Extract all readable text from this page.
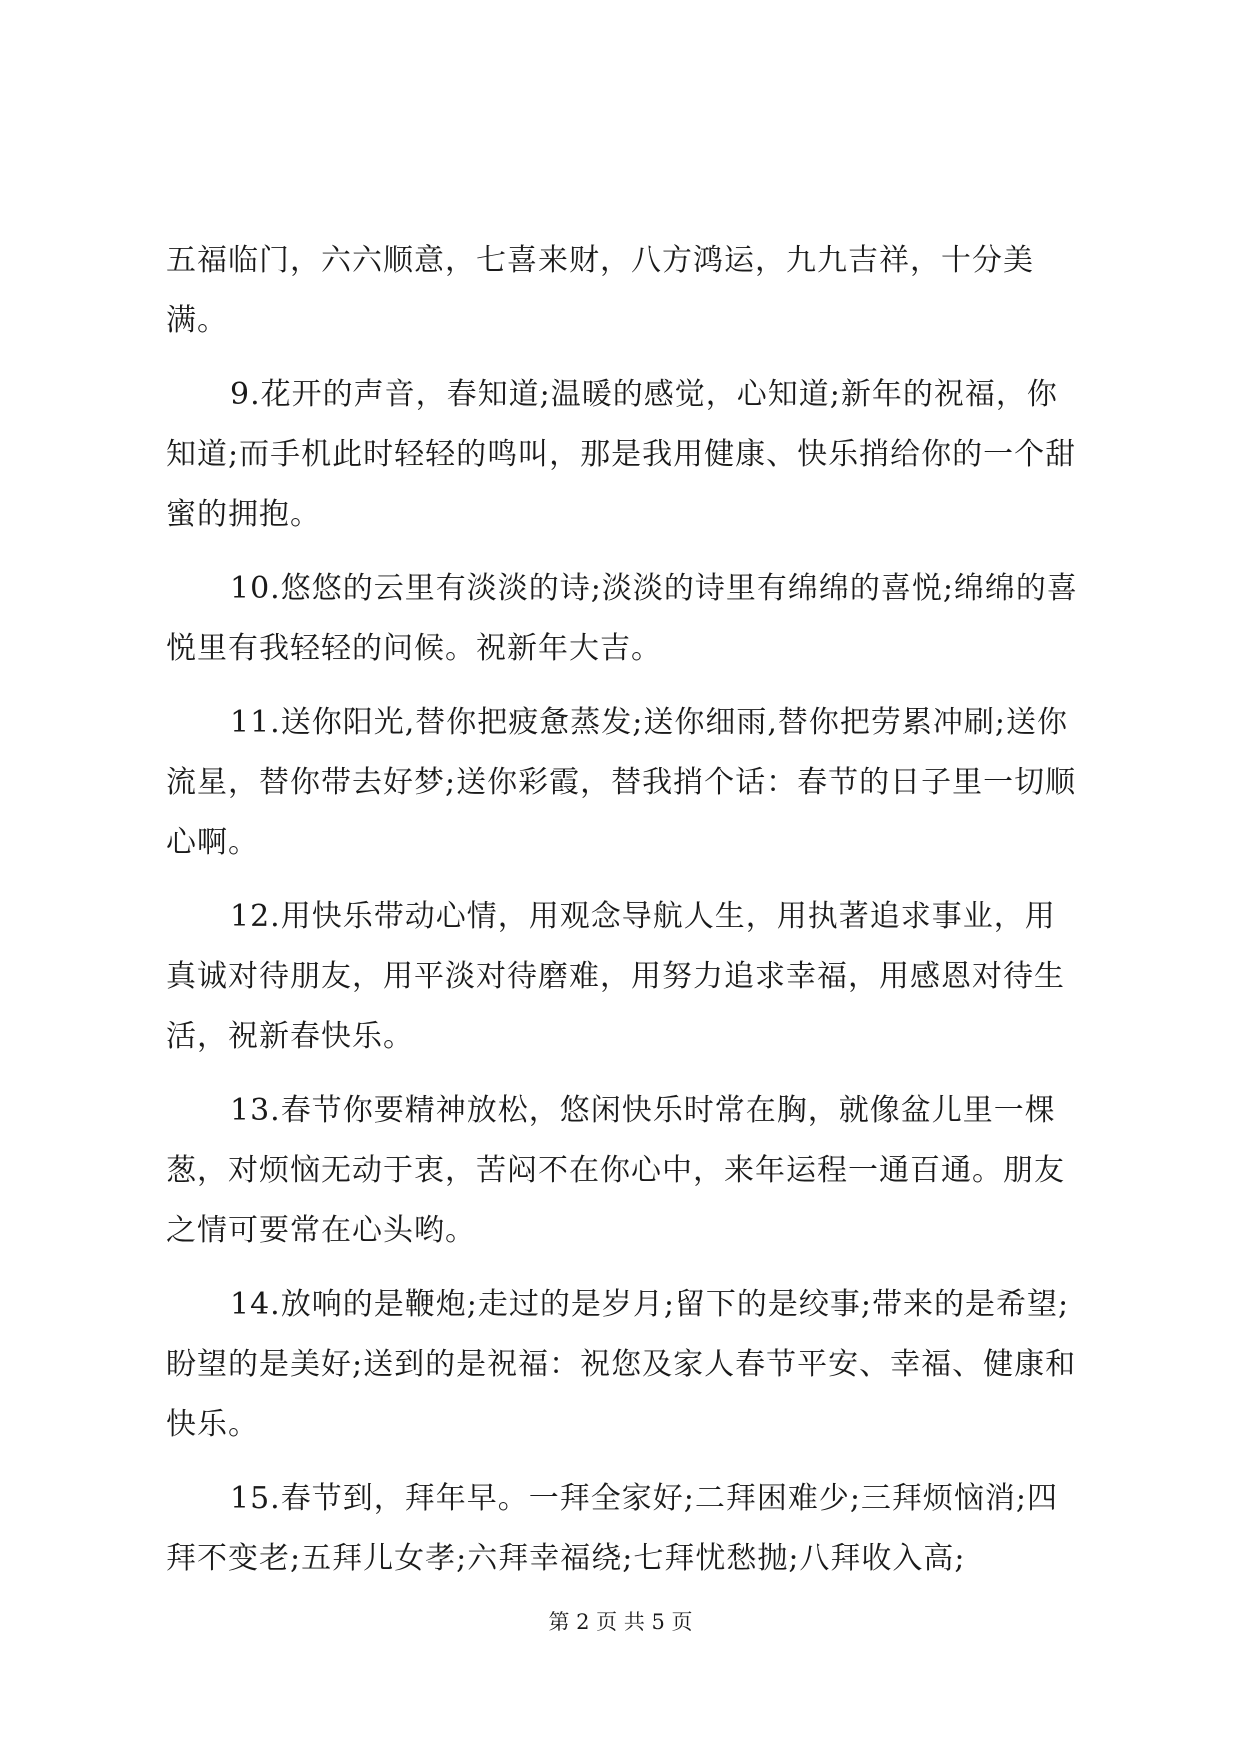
五福临门，六六顺意，七喜来财，八方鸿运，九九吉祥，十分美满。

9.花开的声音，春知道;温暖的感觉，心知道;新年的祝福，你知道;而手机此时轻轻的鸣叫，那是我用健康、快乐捎给你的一个甜蜜的拥抱。

10.悠悠的云里有淡淡的诗;淡淡的诗里有绵绵的喜悦;绵绵的喜悦里有我轻轻的问候。祝新年大吉。

11.送你阳光,替你把疲惫蒸发;送你细雨,替你把劳累冲刷;送你流星，替你带去好梦;送你彩霞，替我捎个话：春节的日子里一切顺心啊。

12.用快乐带动心情，用观念导航人生，用执著追求事业，用真诚对待朋友，用平淡对待磨难，用努力追求幸福，用感恩对待生活，祝新春快乐。

13.春节你要精神放松，悠闲快乐时常在胸，就像盆儿里一棵葱，对烦恼无动于衷，苦闷不在你心中，来年运程一通百通。朋友之情可要常在心头哟。

14.放响的是鞭炮;走过的是岁月;留下的是绞事;带来的是希望;盼望的是美好;送到的是祝福：祝您及家人春节平安、幸福、健康和快乐。

15.春节到，拜年早。一拜全家好;二拜困难少;三拜烦恼消;四拜不变老;五拜儿女孝;六拜幸福绕;七拜忧愁抛;八拜收入高;

第 2 页 共 5 页
